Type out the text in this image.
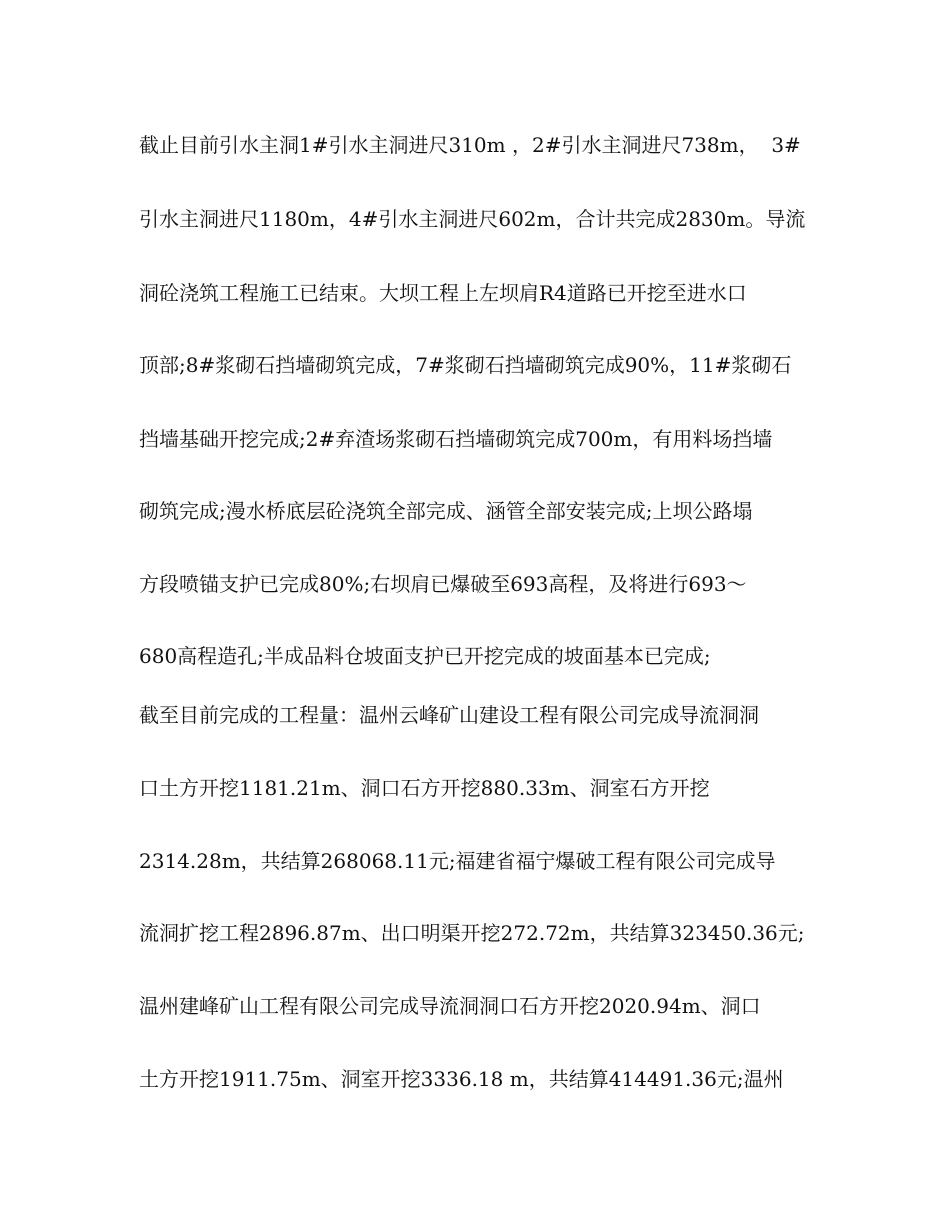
截止目前引水主洞1#引水主洞进尺310m ，2#引水主洞进尺738m，  3#
引水主洞进尺1180m，4#引水主洞进尺602m，合计共完成2830m。导流
洞砼浇筑工程施工已结束。大坝工程上左坝肩R4道路已开挖至进水口
顶部;8#浆砌石挡墙砌筑完成，7#浆砌石挡墙砌筑完成90%，11#浆砌石
挡墙基础开挖完成;2#弃渣场浆砌石挡墙砌筑完成700m，有用料场挡墙
砌筑完成;漫水桥底层砼浇筑全部完成、涵管全部安装完成;上坝公路塌
方段喷锚支护已完成80%;右坝肩已爆破至693高程，及将进行693～
680高程造孔;半成品料仓坡面支护已开挖完成的坡面基本已完成;
截至目前完成的工程量：温州云峰矿山建设工程有限公司完成导流洞洞
口土方开挖1181.21m、洞口石方开挖880.33m、洞室石方开挖
2314.28m，共结算268068.11元;福建省福宁爆破工程有限公司完成导
流洞扩挖工程2896.87m、出口明渠开挖272.72m，共结算323450.36元;
温州建峰矿山工程有限公司完成导流洞洞口石方开挖2020.94m、洞口
土方开挖1911.75m、洞室开挖3336.18 m，共结算414491.36元;温州
